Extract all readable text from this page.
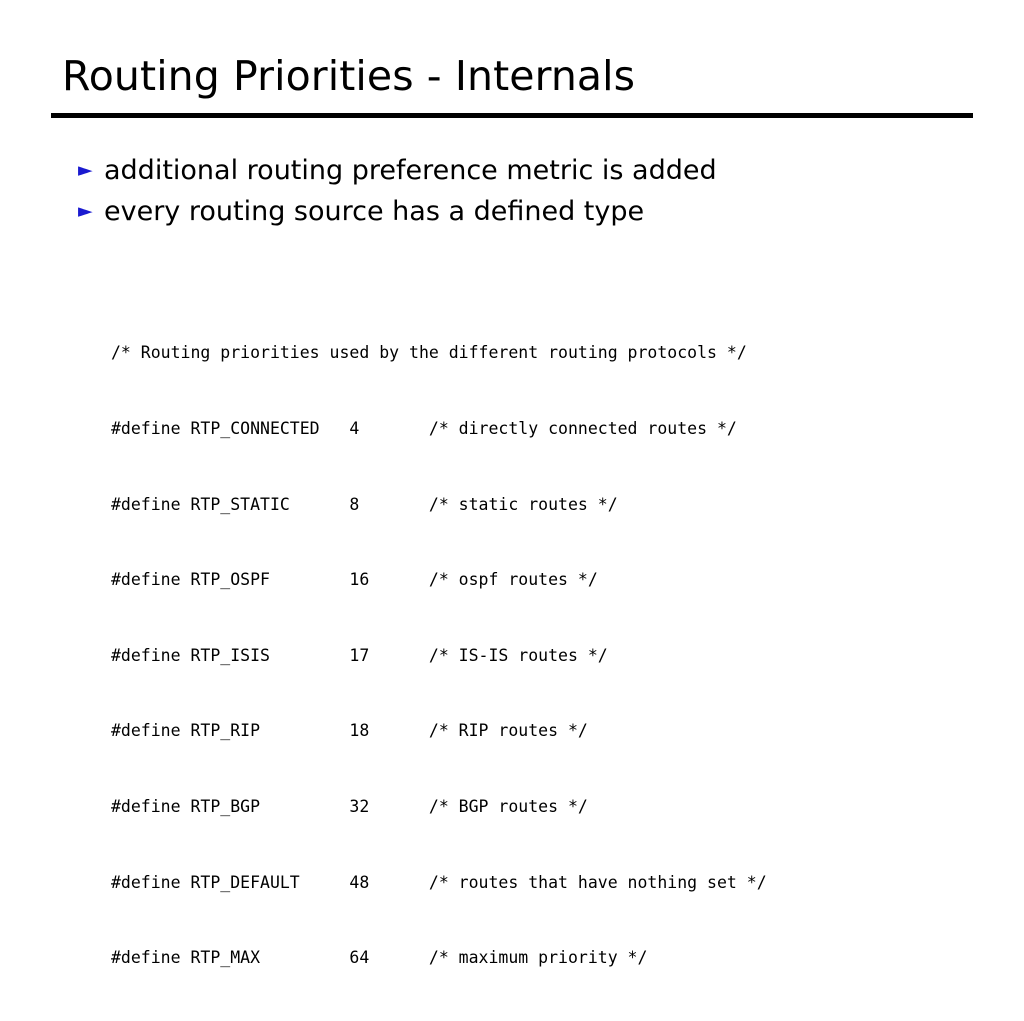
Routing Priorities - Internals
► additional routing preference metric is added
► every routing source has a defined type

/* Routing priorities used by the different routing protocols */

#define RTP_CONNECTED   4       /* directly connected routes */

#define RTP_STATIC      8       /* static routes */

#define RTP_OSPF        16      /* ospf routes */

#define RTP_ISIS        17      /* IS-IS routes */

#define RTP_RIP         18      /* RIP routes */

#define RTP_BGP         32      /* BGP routes */

#define RTP_DEFAULT     48      /* routes that have nothing set */

#define RTP_MAX         64      /* maximum priority */
